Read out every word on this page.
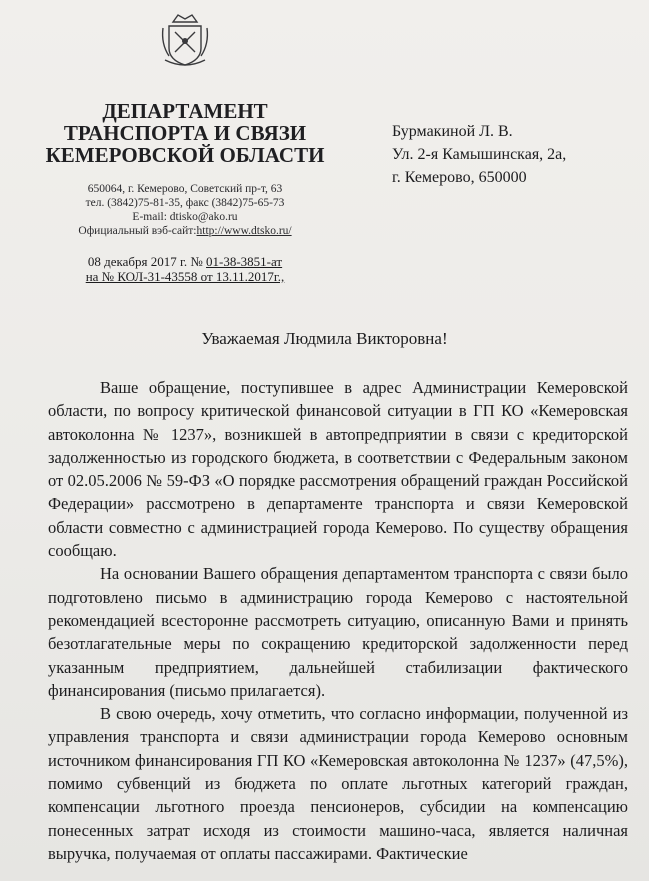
ДЕПАРТАМЕНТ
ТРАНСПОРТА И СВЯЗИ
КЕМЕРОВСКОЙ ОБЛАСТИ
650064, г. Кемерово, Советский пр-т, 63
тел. (3842)75-81-35, факс (3842)75-65-73
E-mail: dtisko@ako.ru
Официальный вэб-сайт:http://www.dtsko.ru/
08 декабря 2017 г. № 01-38-3851-ат
на № КОЛ-31-43558 от 13.11.2017г.,
Бурмакиной Л. В.
Ул. 2-я Камышинская, 2а,
г. Кемерово, 650000
Уважаемая Людмила Викторовна!

Ваше обращение, поступившее в адрес Администрации Кемеровской области, по вопросу критической финансовой ситуации в ГП КО «Кемеровская автоколонна № 1237», возникшей в автопредприятии в связи с кредиторской задолженностью из городского бюджета, в соответствии с Федеральным законом от 02.05.2006 № 59-ФЗ «О порядке рассмотрения обращений граждан Российской Федерации» рассмотрено в департаменте транспорта и связи Кемеровской области совместно с администрацией города Кемерово. По существу обращения сообщаю.

На основании Вашего обращения департаментом транспорта с связи было подготовлено письмо в администрацию города Кемерово с настоятельной рекомендацией всесторонне рассмотреть ситуацию, описанную Вами и принять безотлагательные меры по сокращению кредиторской задолженности перед указанным предприятием, дальнейшей стабилизации фактического финансирования (письмо прилагается).

В свою очередь, хочу отметить, что согласно информации, полученной из управления транспорта и связи администрации города Кемерово основным источником финансирования ГП КО «Кемеровская автоколонна № 1237» (47,5%), помимо субвенций из бюджета по оплате льготных категорий граждан, компенсации льготного проезда пенсионеров, субсидии на компенсацию понесенных затрат исходя из стоимости машино-часа, является наличная выручка, получаемая от оплаты пассажирами. Фактические
